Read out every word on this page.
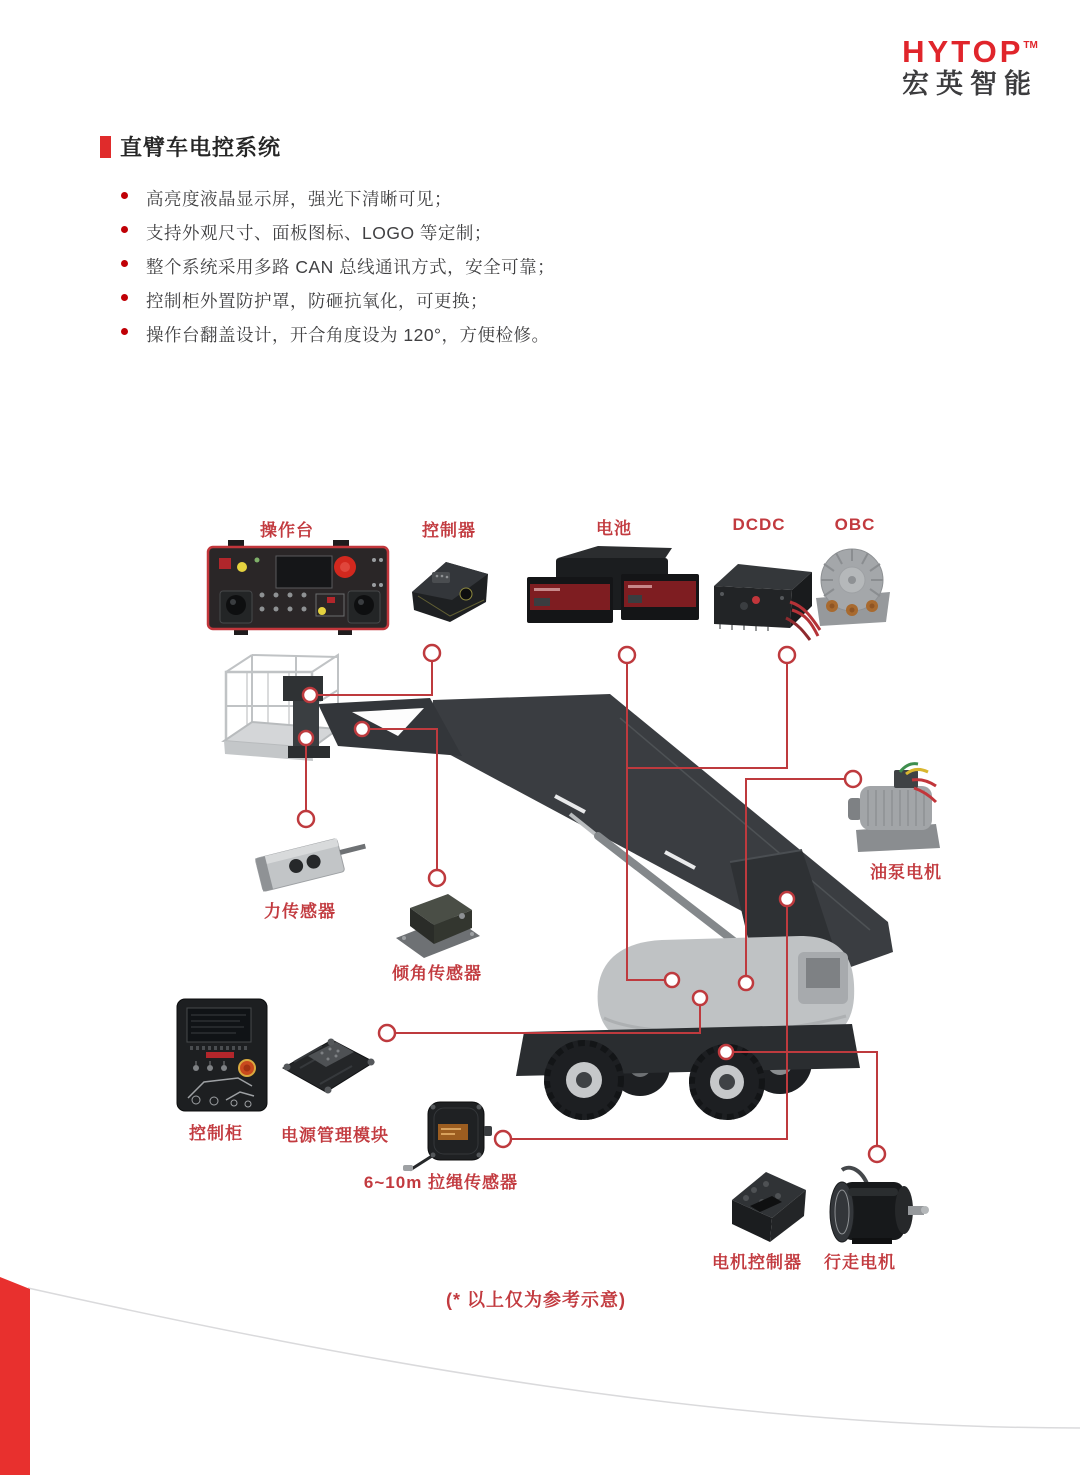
HYTOP™
宏英智能
直臂车电控系统
高亮度液晶显示屏，强光下清晰可见；
支持外观尺寸、面板图标、LOGO 等定制；
整个系统采用多路 CAN 总线通讯方式，安全可靠；
控制柜外置防护罩，防砸抗氧化，可更换；
操作台翻盖设计，开合角度设为 120°，方便检修。
操作台	控制器	电池	DCDC	OBC
油泵电机
力传感器
倾角传感器
控制柜 电源管理模块
6~10m 拉绳传感器
电机控制器 行走电机
(* 以上仅为参考示意)
